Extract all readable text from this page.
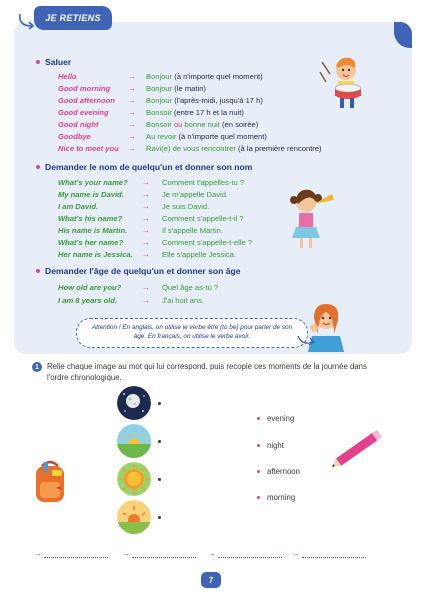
JE RETIENS
Saluer
Hello	→ Bonjour (à n'importe quel moment)
Good morning → Bonjour (le matin)
Good afternoon → Bonjour (l'après-midi, jusqu'à 17 h)
Good evening → Bonsoir (entre 17 h et la nuit)
Good night	→ Bonsoir ou bonne nuit (en soirée)
Goodbye	→ Au revoir (à n'importe quel moment)
Nice to meet you → Ravi(e) de vous rencontrer (à la première rencontre)
Demander le nom de quelqu'un et donner son nom
What's your name? → Comment t'appelles-tu ?
My name is David. → Je m'appelle David.
I am David.	→ Je suis David.
What's his name? → Comment s'appelle-t-il ?
His name is Martin. → Il s'appelle Martin.
What's her name? → Comment s'appelle-t-elle ?
Her name is Jessica. → Elle s'appelle Jessica.
Demander l'âge de quelqu'un et donner son âge
How old are you?	→ Quel âge as-tu ?
I am 8 years old.	→ J'ai huit ans.
Attention ! En anglais, on utilise le verbe être (to be) pour parler de son âge. En français, on utilise le verbe avoir.
1	Relie chaque image au mot qui lui correspond, puis recopie ces moments de la journée dans l'ordre chronologique.
evening
night
afternoon
morning
→	→	→	→
7
